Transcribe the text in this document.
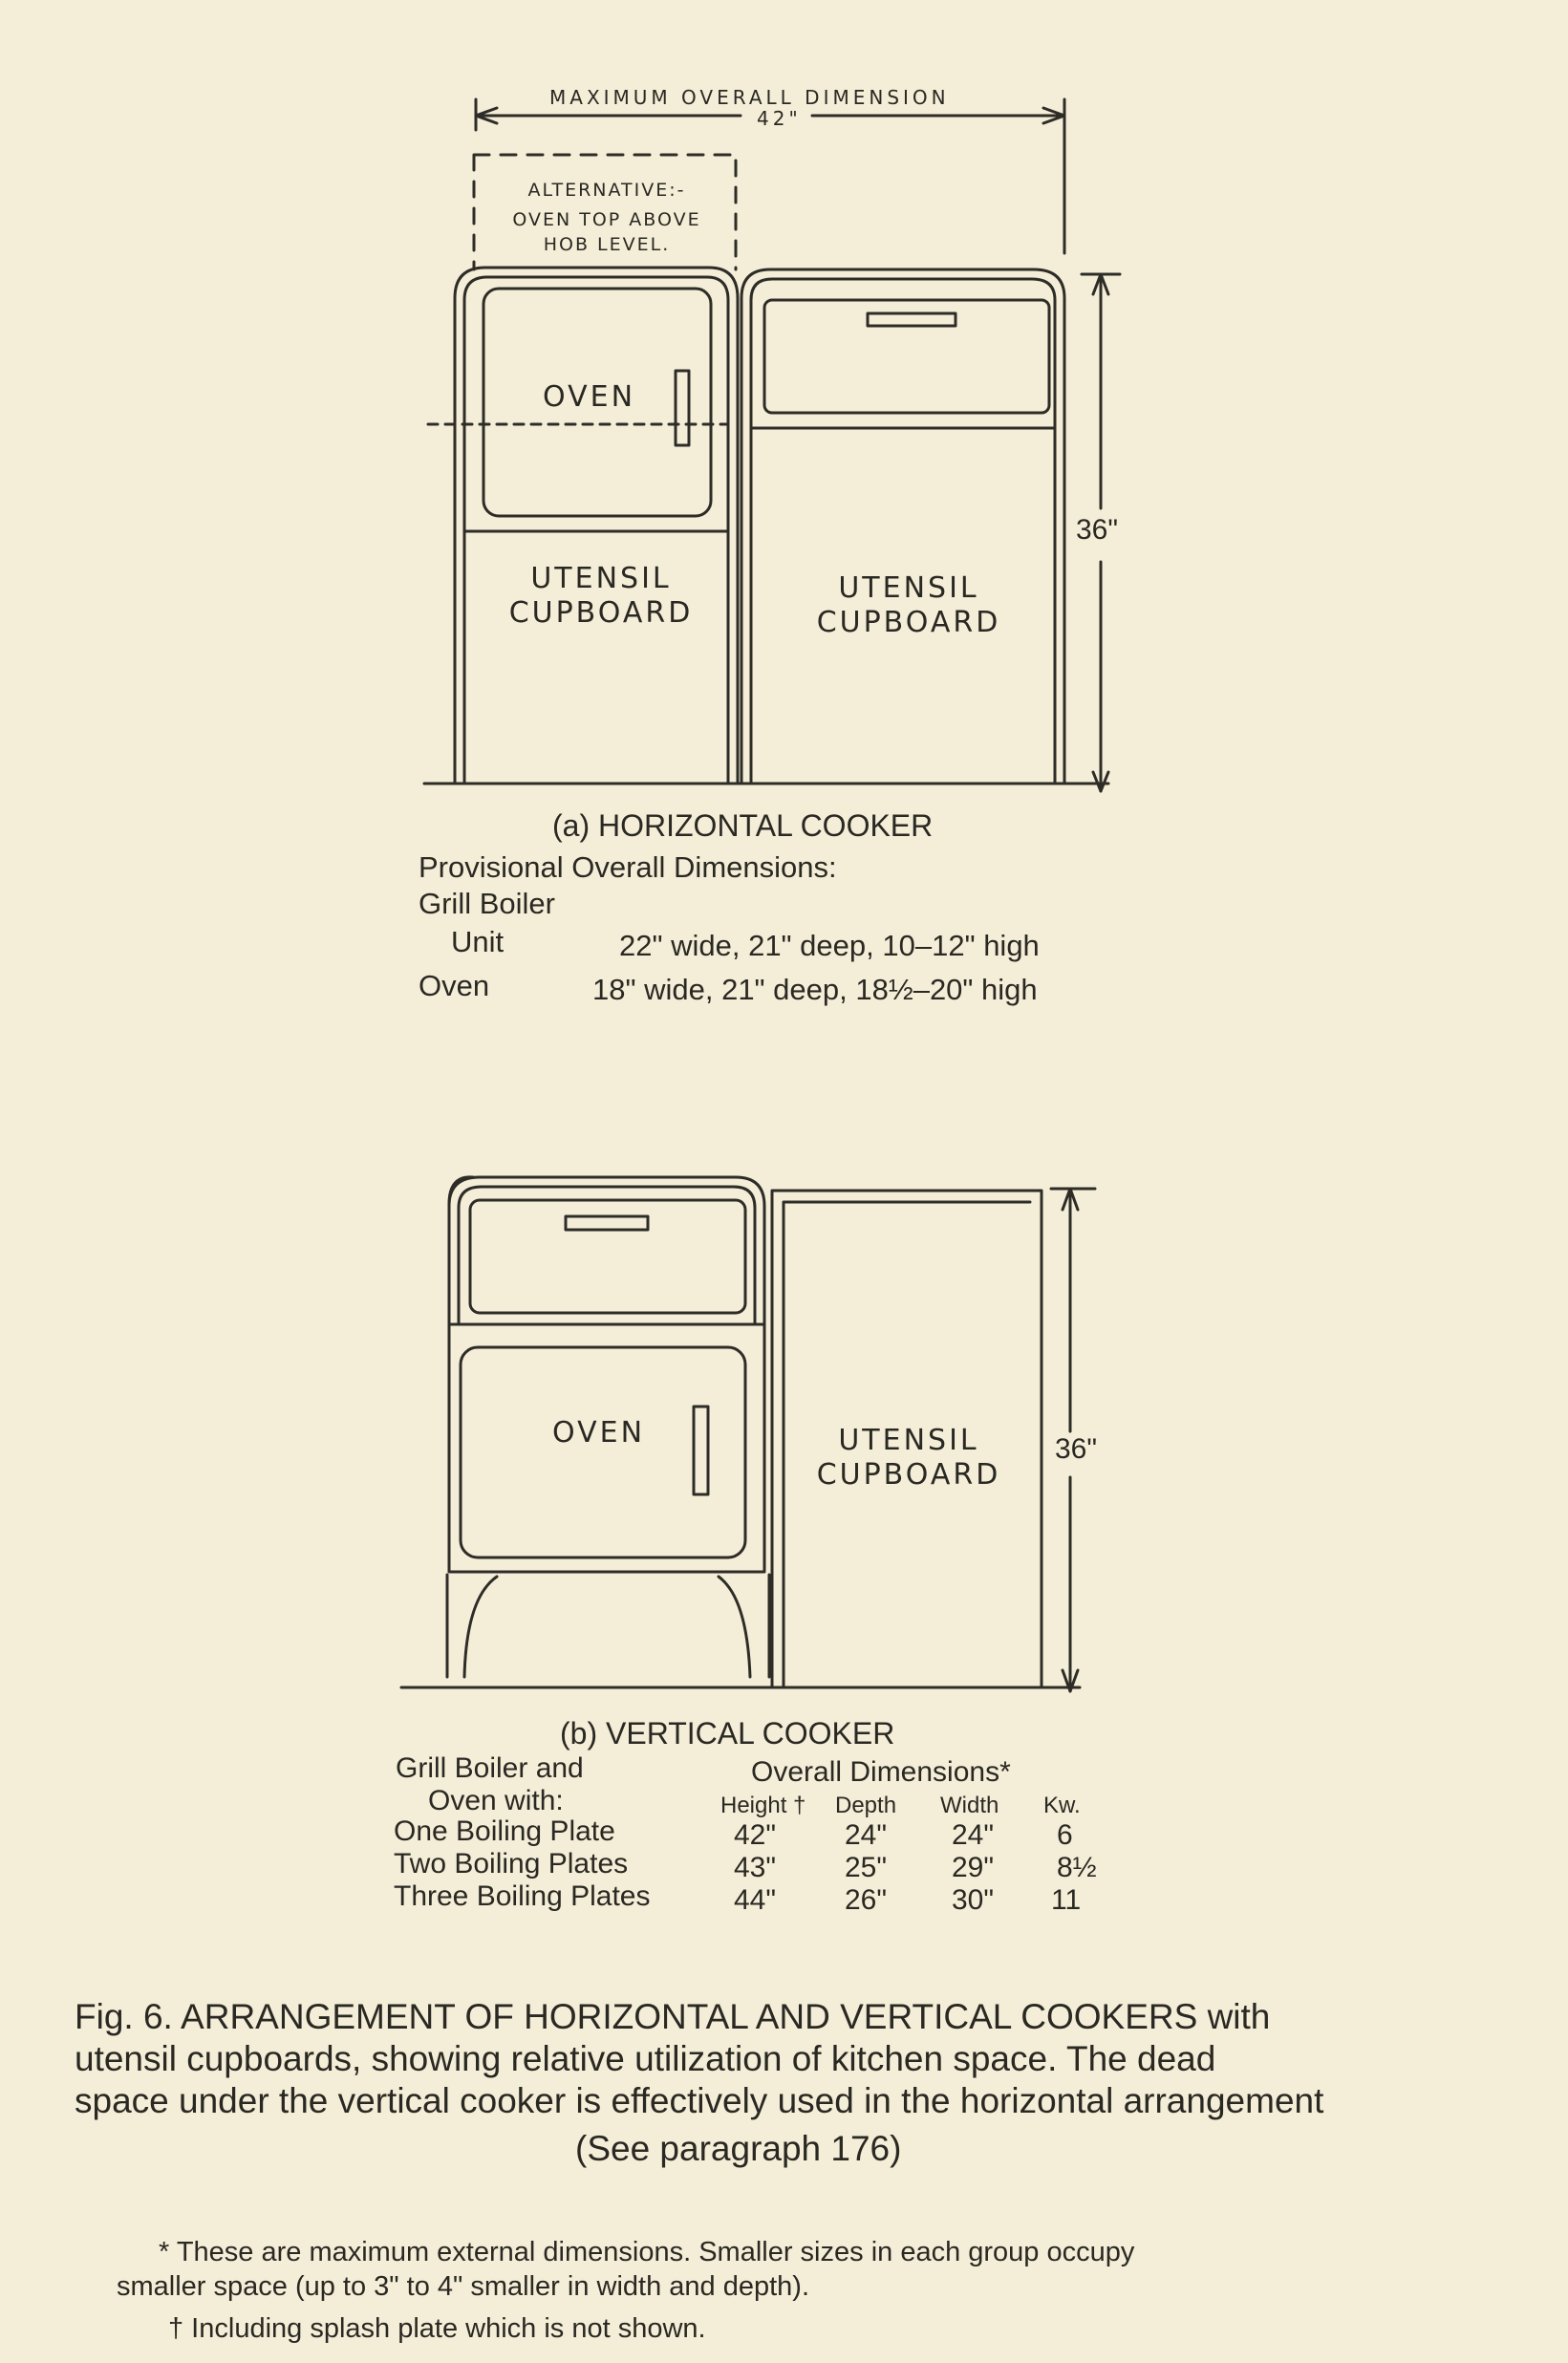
MAXIMUM OVERALL DIMENSION
42"
ALTERNATIVE:-
OVEN TOP ABOVE
HOB LEVEL.
OVEN
UTENSIL
CUPBOARD
UTENSIL
CUPBOARD
36"
(a) HORIZONTAL COOKER
Provisional Overall Dimensions:
Grill Boiler
Unit	22" wide, 21" deep, 10–12" high
Oven	18" wide, 21" deep, 18½–20" high
OVEN	UTENSIL
CUPBOARD
36"
(b) VERTICAL COOKER
Grill Boiler and
Oven with:
Overall Dimensions*
Height † Depth Width Kw.
One Boiling Plate	42" 24" 24" 6
Two Boiling Plates	43" 25" 29" 8½
Three Boiling Plates	44" 26" 30" 11
Fig. 6. ARRANGEMENT OF HORIZONTAL AND VERTICAL COOKERS with
utensil cupboards, showing relative utilization of kitchen space. The dead
space under the vertical cooker is effectively used in the horizontal arrangement
(See paragraph 176)
* These are maximum external dimensions. Smaller sizes in each group occupy
smaller space (up to 3" to 4" smaller in width and depth).
† Including splash plate which is not shown.
